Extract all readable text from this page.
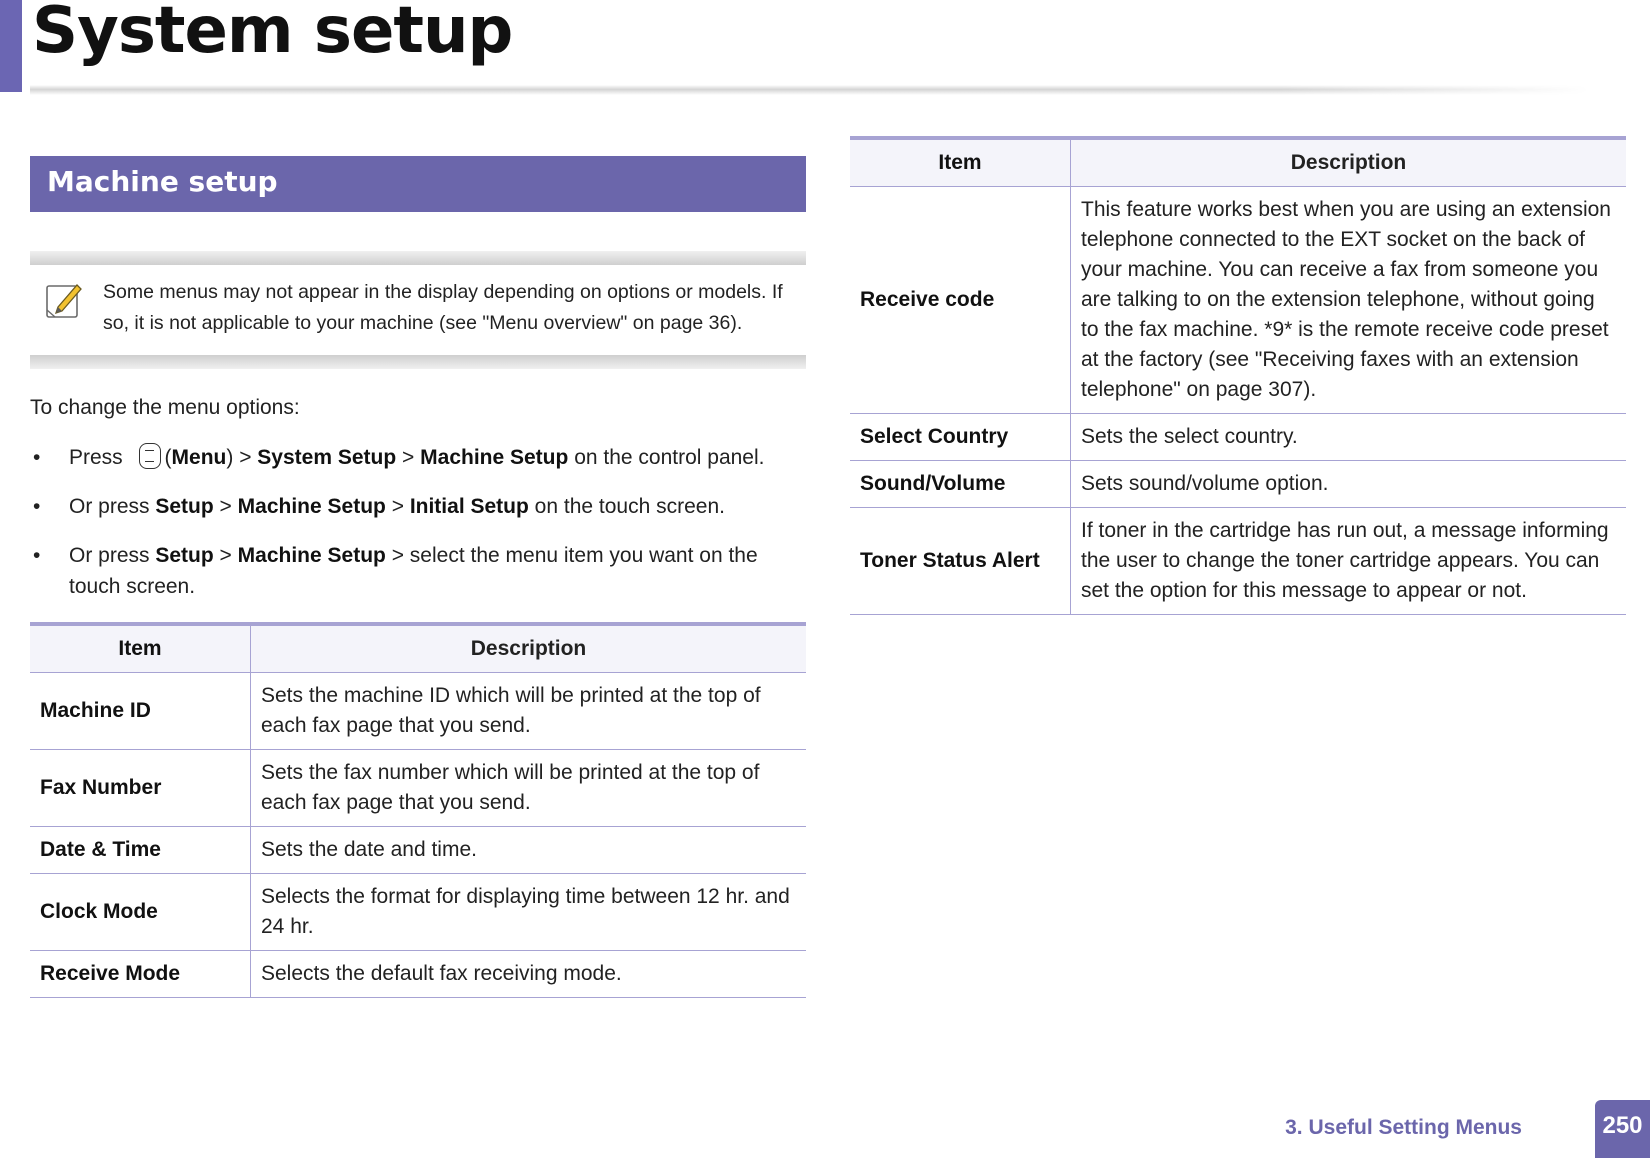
System setup
Machine setup
Some menus may not appear in the display depending on options or models. If so, it is not applicable to your machine (see "Menu overview" on page 36).

To change the menu options:

• Press (Menu) > System Setup > Machine Setup on the control panel.
• Or press Setup > Machine Setup > Initial Setup on the touch screen.
• Or press Setup > Machine Setup > select the menu item you want on the touch screen.
Item	Description
Machine ID	Sets the machine ID which will be printed at the top of each fax page that you send.
Fax Number	Sets the fax number which will be printed at the top of each fax page that you send.
Date & Time	Sets the date and time.
Clock Mode	Selects the format for displaying time between 12 hr. and 24 hr.
Receive Mode	Selects the default fax receiving mode.
Item	Description
Receive code	This feature works best when you are using an extension telephone connected to the EXT socket on the back of your machine. You can receive a fax from someone you are talking to on the extension telephone, without going to the fax machine. *9* is the remote receive code preset at the factory (see "Receiving faxes with an extension telephone" on page 307).
Select Country	Sets the select country.
Sound/Volume	Sets sound/volume option.
Toner Status Alert	If toner in the cartridge has run out, a message informing the user to change the toner cartridge appears. You can set the option for this message to appear or not.
3. Useful Setting Menus	250
